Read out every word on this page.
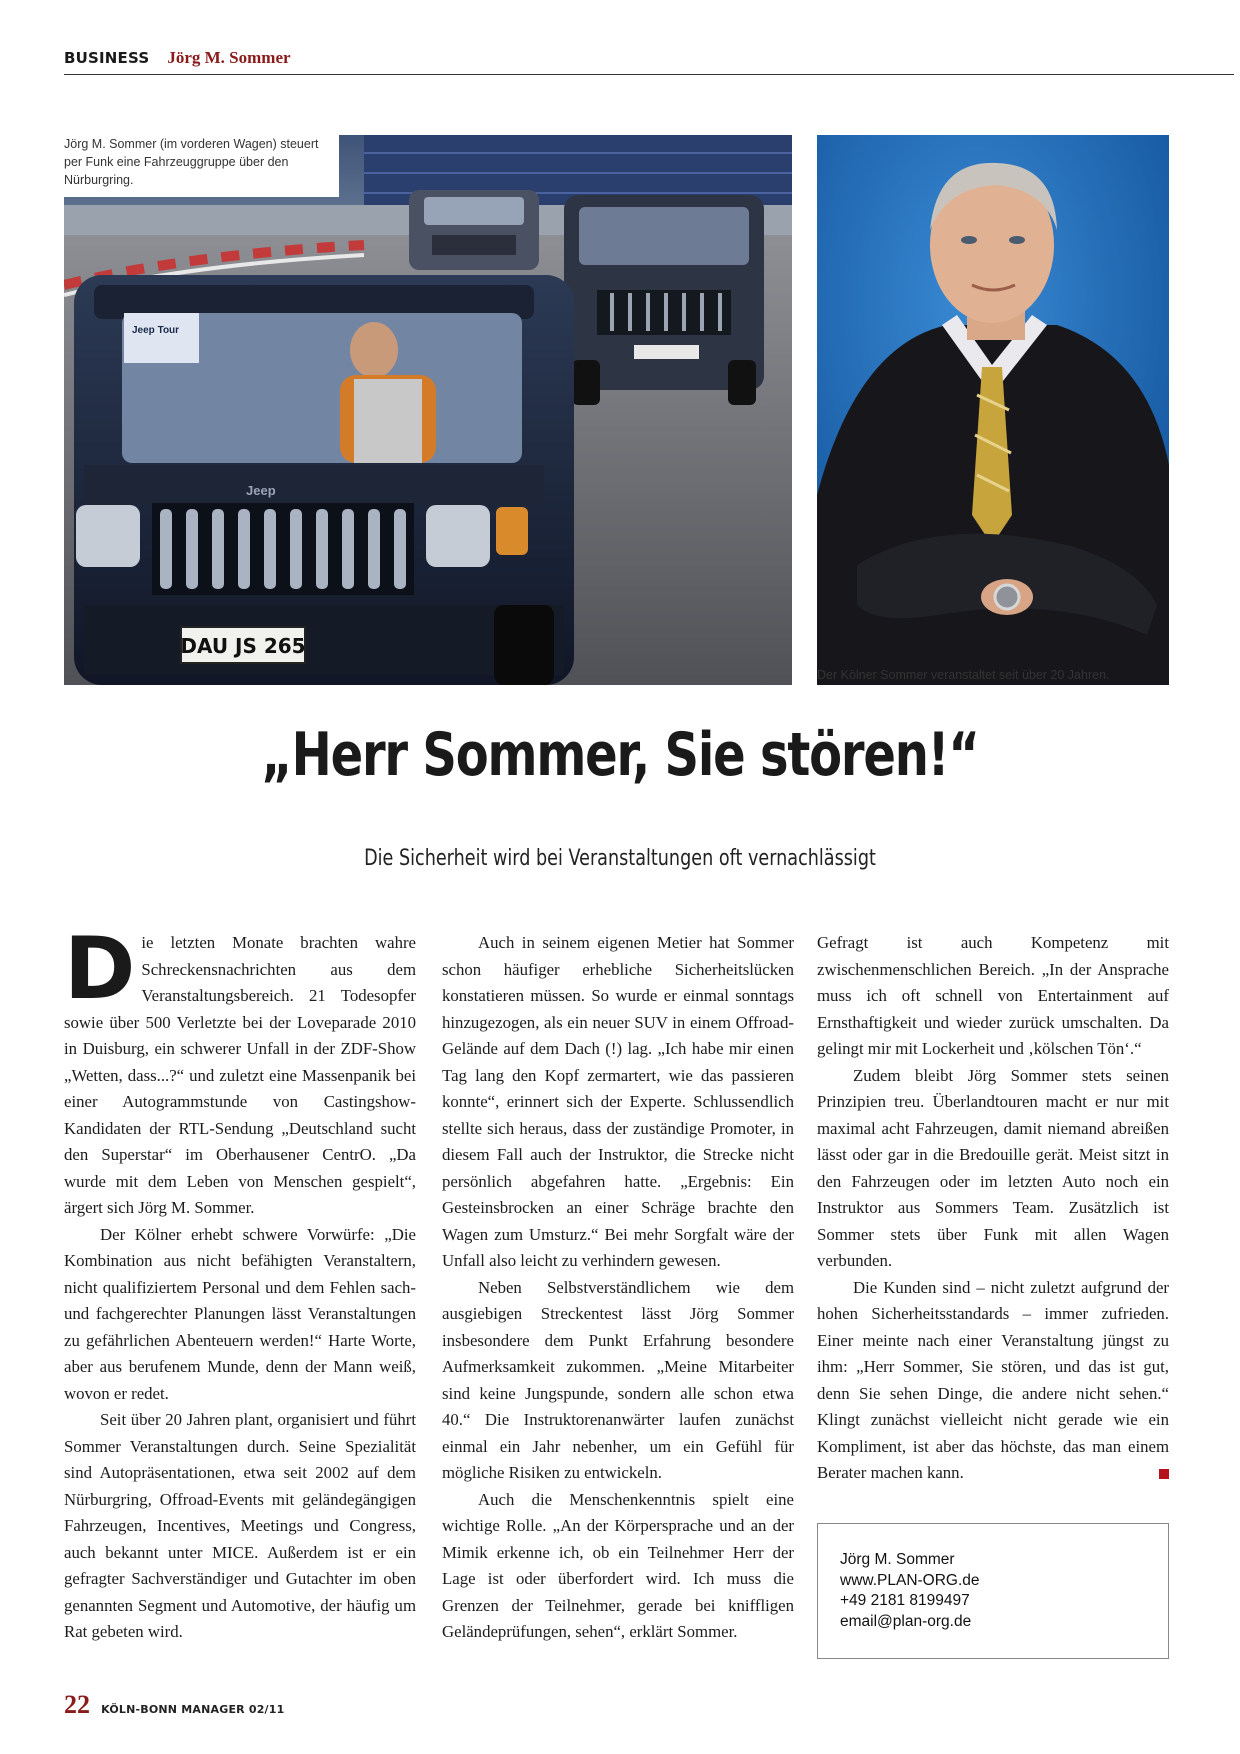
BUSINESS Jörg M. Sommer
Jeep Tour
Jeep
DAU JS 265
Jörg M. Sommer (im vorderen Wagen) steuert per Funk eine Fahrzeuggruppe über den Nürburgring.
Der Kölner Sommer veranstaltet seit über 20 Jahren.
„Herr Sommer, Sie stören!“
Die Sicherheit wird bei Veranstaltungen oft vernachlässigt
D ie letzten Monate brachten wahre Schreckensnachrichten aus dem Veranstaltungsbereich. 21 Todesopfer sowie über 500 Verletzte bei der Loveparade 2010 in Duisburg, ein schwerer Unfall in der ZDF-Show „Wetten, dass...?“ und zuletzt eine Massenpanik bei einer Autogrammstunde von Castingshow-Kandidaten der RTL-Sendung „Deutschland sucht den Superstar“ im Oberhausener CentrO. „Da wurde mit dem Leben von Menschen gespielt“, ärgert sich Jörg M. Sommer.

Der Kölner erhebt schwere Vorwürfe: „Die Kombination aus nicht befähigten Veranstaltern, nicht qualifiziertem Personal und dem Fehlen sach- und fachgerechter Planungen lässt Veranstaltungen zu gefährlichen Abenteuern werden!“ Harte Worte, aber aus berufenem Munde, denn der Mann weiß, wovon er redet.

Seit über 20 Jahren plant, organisiert und führt Sommer Veranstaltungen durch. Seine Spezialität sind Autopräsentationen, etwa seit 2002 auf dem Nürburgring, Offroad-Events mit geländegängigen Fahrzeugen, Incentives, Meetings und Congress, auch bekannt unter MICE. Außerdem ist er ein gefragter Sachverständiger und Gutachter im oben genannten Segment und Automotive, der häufig um Rat gebeten wird.

Auch in seinem eigenen Metier hat Sommer schon häufiger erhebliche Sicherheitslücken konstatieren müssen. So wurde er einmal sonntags hinzugezogen, als ein neuer SUV in einem Offroad-Gelände auf dem Dach (!) lag. „Ich habe mir einen Tag lang den Kopf zermartert, wie das passieren konnte“, erinnert sich der Experte. Schlussendlich stellte sich heraus, dass der zuständige Promoter, in diesem Fall auch der Instruktor, die Strecke nicht persönlich abgefahren hatte. „Ergebnis: Ein Gesteinsbrocken an einer Schräge brachte den Wagen zum Umsturz.“ Bei mehr Sorgfalt wäre der Unfall also leicht zu verhindern gewesen.

Neben Selbstverständlichem wie dem ausgiebigen Streckentest lässt Jörg Sommer insbesondere dem Punkt Erfahrung besondere Aufmerksamkeit zukommen. „Meine Mitarbeiter sind keine Jungspunde, sondern alle schon etwa 40.“ Die Instruktorenanwärter laufen zunächst einmal ein Jahr nebenher, um ein Gefühl für mögliche Risiken zu entwickeln.

Auch die Menschenkenntnis spielt eine wichtige Rolle. „An der Körpersprache und an der Mimik erkenne ich, ob ein Teilnehmer Herr der Lage ist oder überfordert wird. Ich muss die Grenzen der Teilnehmer, gerade bei kniffligen Geländeprüfungen, sehen“, erklärt Sommer.

Gefragt ist auch Kompetenz mit zwischenmenschlichen Bereich. „In der Ansprache muss ich oft schnell von Entertainment auf Ernsthaftigkeit und wieder zurück umschalten. Da gelingt mir mit Lockerheit und ‚kölschen Tön‘.“

Zudem bleibt Jörg Sommer stets seinen Prinzipien treu. Überlandtouren macht er nur mit maximal acht Fahrzeugen, damit niemand abreißen lässt oder gar in die Bredouille gerät. Meist sitzt in den Fahrzeugen oder im letzten Auto noch ein Instruktor aus Sommers Team. Zusätzlich ist Sommer stets über Funk mit allen Wagen verbunden.

Die Kunden sind – nicht zuletzt aufgrund der hohen Sicherheitsstandards – immer zufrieden. Einer meinte nach einer Veranstaltung jüngst zu ihm: „Herr Sommer, Sie stören, und das ist gut, denn Sie sehen Dinge, die andere nicht sehen.“ Klingt zunächst vielleicht nicht gerade wie ein Kompliment, ist aber das höchste, das man einem Berater machen kann.

Jörg M. Sommer
www.PLAN-ORG.de
+49 2181 8199497
email@plan-org.de
22 KÖLN-BONN MANAGER 02/11
